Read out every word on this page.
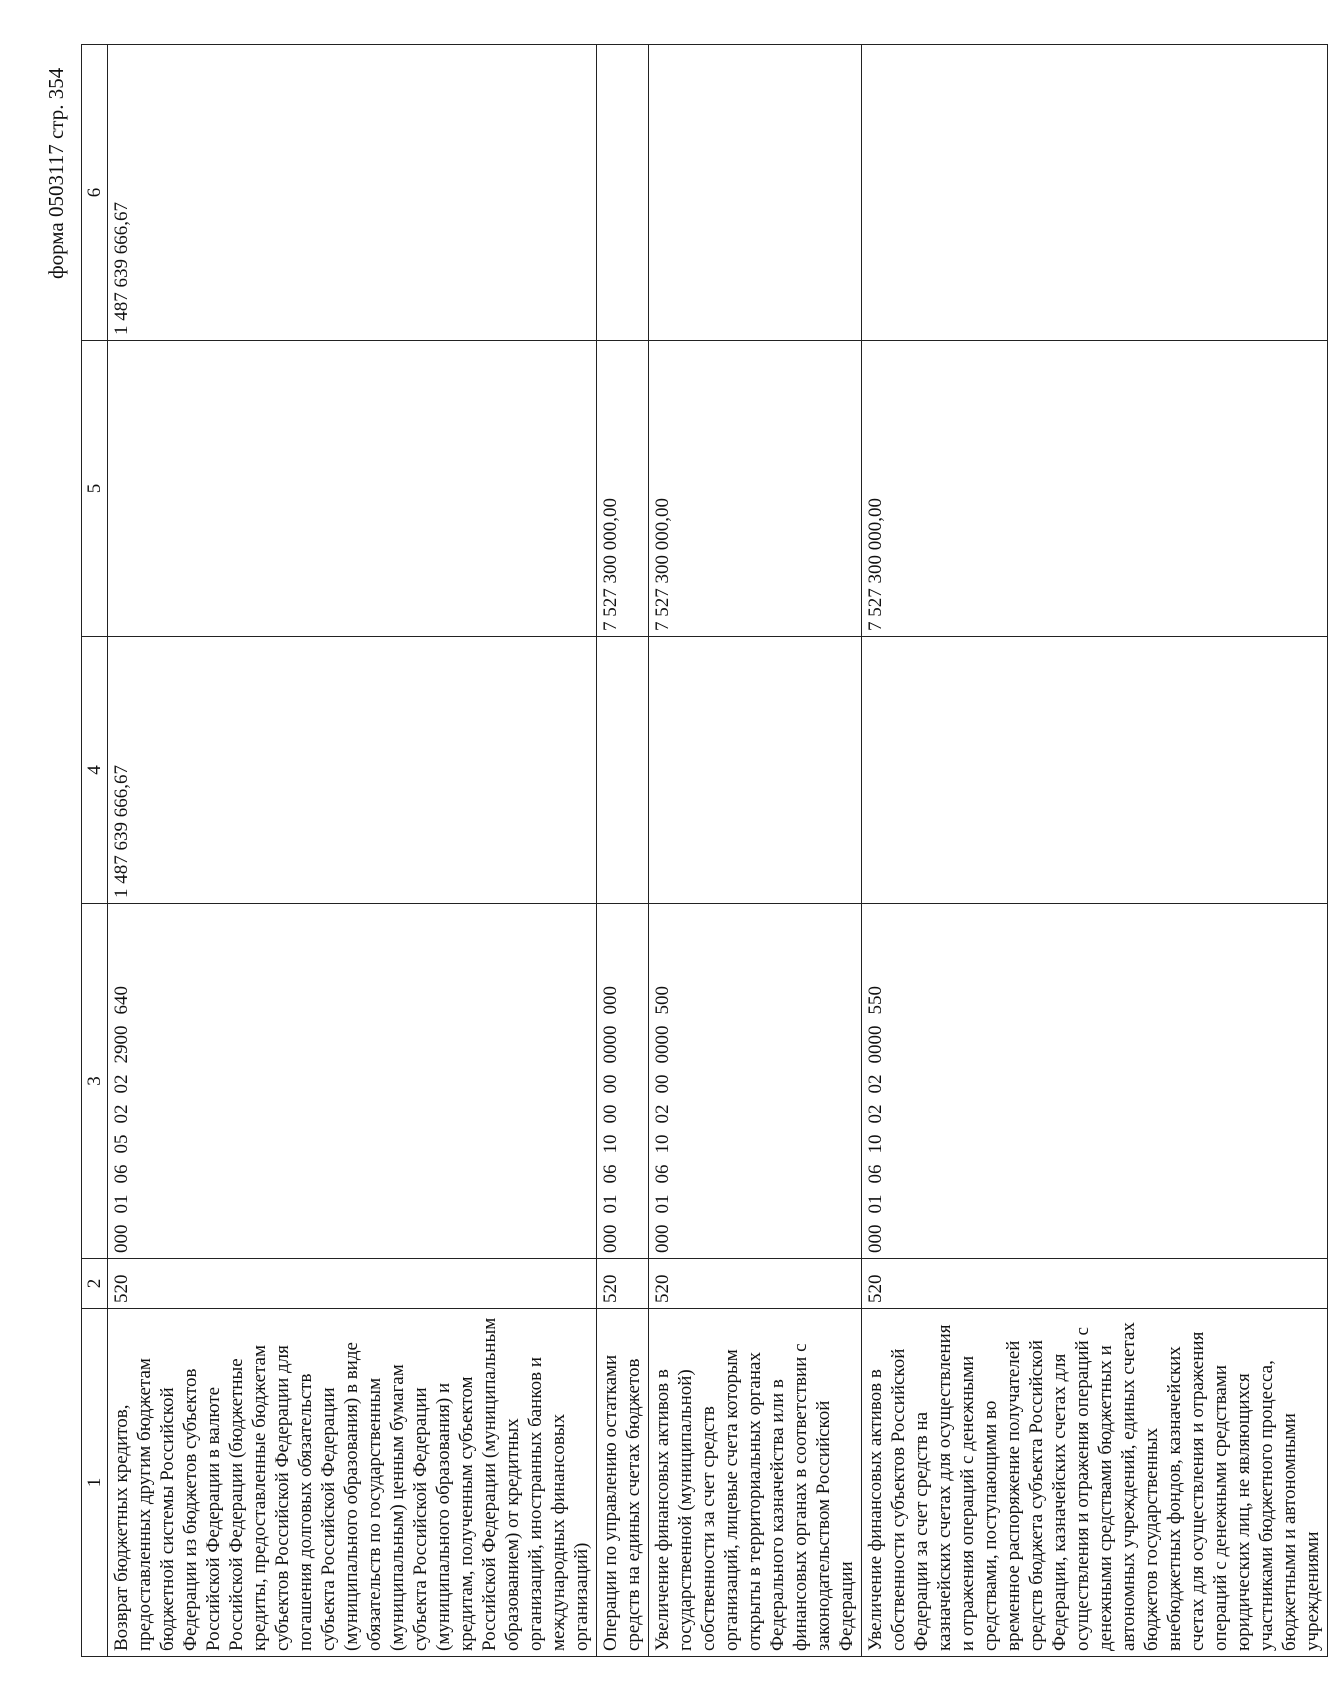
форма 0503117 стр. 354
1	2	3	4	5	6
Возврат бюджетных кредитов, предоставленных другим бюджетам бюджетной системы Российской Федерации из бюджетов субъектов Российской Федерации в валюте Российской Федерации (бюджетные кредиты, предоставленные бюджетам субъектов Российской Федерации для погашения долговых обязательств субъекта Российской Федерации (муниципального образования) в виде обязательств по государственным (муниципальным) ценным бумагам субъекта Российской Федерации (муниципального образования) и кредитам, полученным субъектом Российской Федерации (муниципальным образованием) от кредитных организаций, иностранных банков и международных финансовых организаций)	520	00001060502022900640	1 487 639 666,67		1 487 639 666,67
Операции по управлению остатками средств на единых счетах бюджетов	520	00001061000000000000		7 527 300 000,00	
Увеличение финансовых активов в государственной (муниципальной) собственности за счет средств организаций, лицевые счета которым открыты в территориальных органах Федерального казначейства или в финансовых органах в соответствии с законодательством Российской Федерации	520	00001061002000000500		7 527 300 000,00	
Увеличение финансовых активов в собственности субъектов Российской Федерации за счет средств на казначейских счетах для осуществления и отражения операций с денежными средствами, поступающими во временное распоряжение получателей средств бюджета субъекта Российской Федерации, казначейских счетах для осуществления и отражения операций с денежными средствами бюджетных и автономных учреждений, единых счетах бюджетов государственных внебюджетных фондов, казначейских счетах для осуществления и отражения операций с денежными средствами юридических лиц, не являющихся участниками бюджетного процесса, бюджетными и автономными учреждениями	520	00001061002020000550		7 527 300 000,00	
